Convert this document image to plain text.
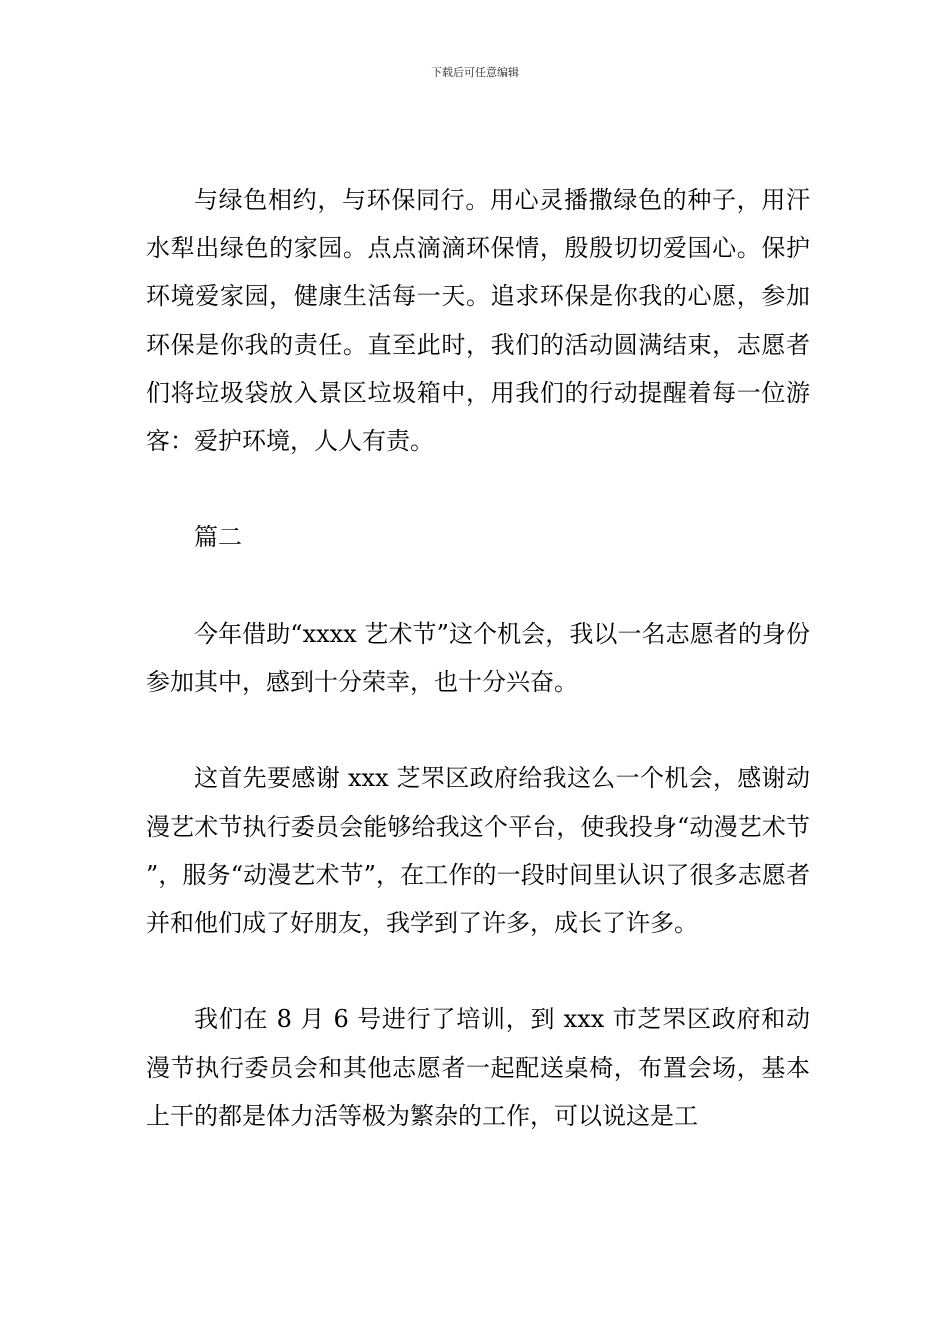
下载后可任意编辑

与绿色相约，与环保同行。用心灵播撒绿色的种子，用汗水犁出绿色的家园。点点滴滴环保情，殷殷切切爱国心。保护环境爱家园，健康生活每一天。追求环保是你我的心愿，参加环保是你我的责任。直至此时，我们的活动圆满结束，志愿者们将垃圾袋放入景区垃圾箱中，用我们的行动提醒着每一位游客：爱护环境，人人有责。

篇二

今年借助“xxxx 艺术节”这个机会，我以一名志愿者的身份参加其中，感到十分荣幸，也十分兴奋。

这首先要感谢 xxx 芝罘区政府给我这么一个机会，感谢动漫艺术节执行委员会能够给我这个平台，使我投身“动漫艺术节”，服务“动漫艺术节”，在工作的一段时间里认识了很多志愿者并和他们成了好朋友，我学到了许多，成长了许多。

我们在 8 月 6 号进行了培训，到 xxx 市芝罘区政府和动漫节执行委员会和其他志愿者一起配送桌椅，布置会场，基本上干的都是体力活等极为繁杂的工作，可以说这是工
